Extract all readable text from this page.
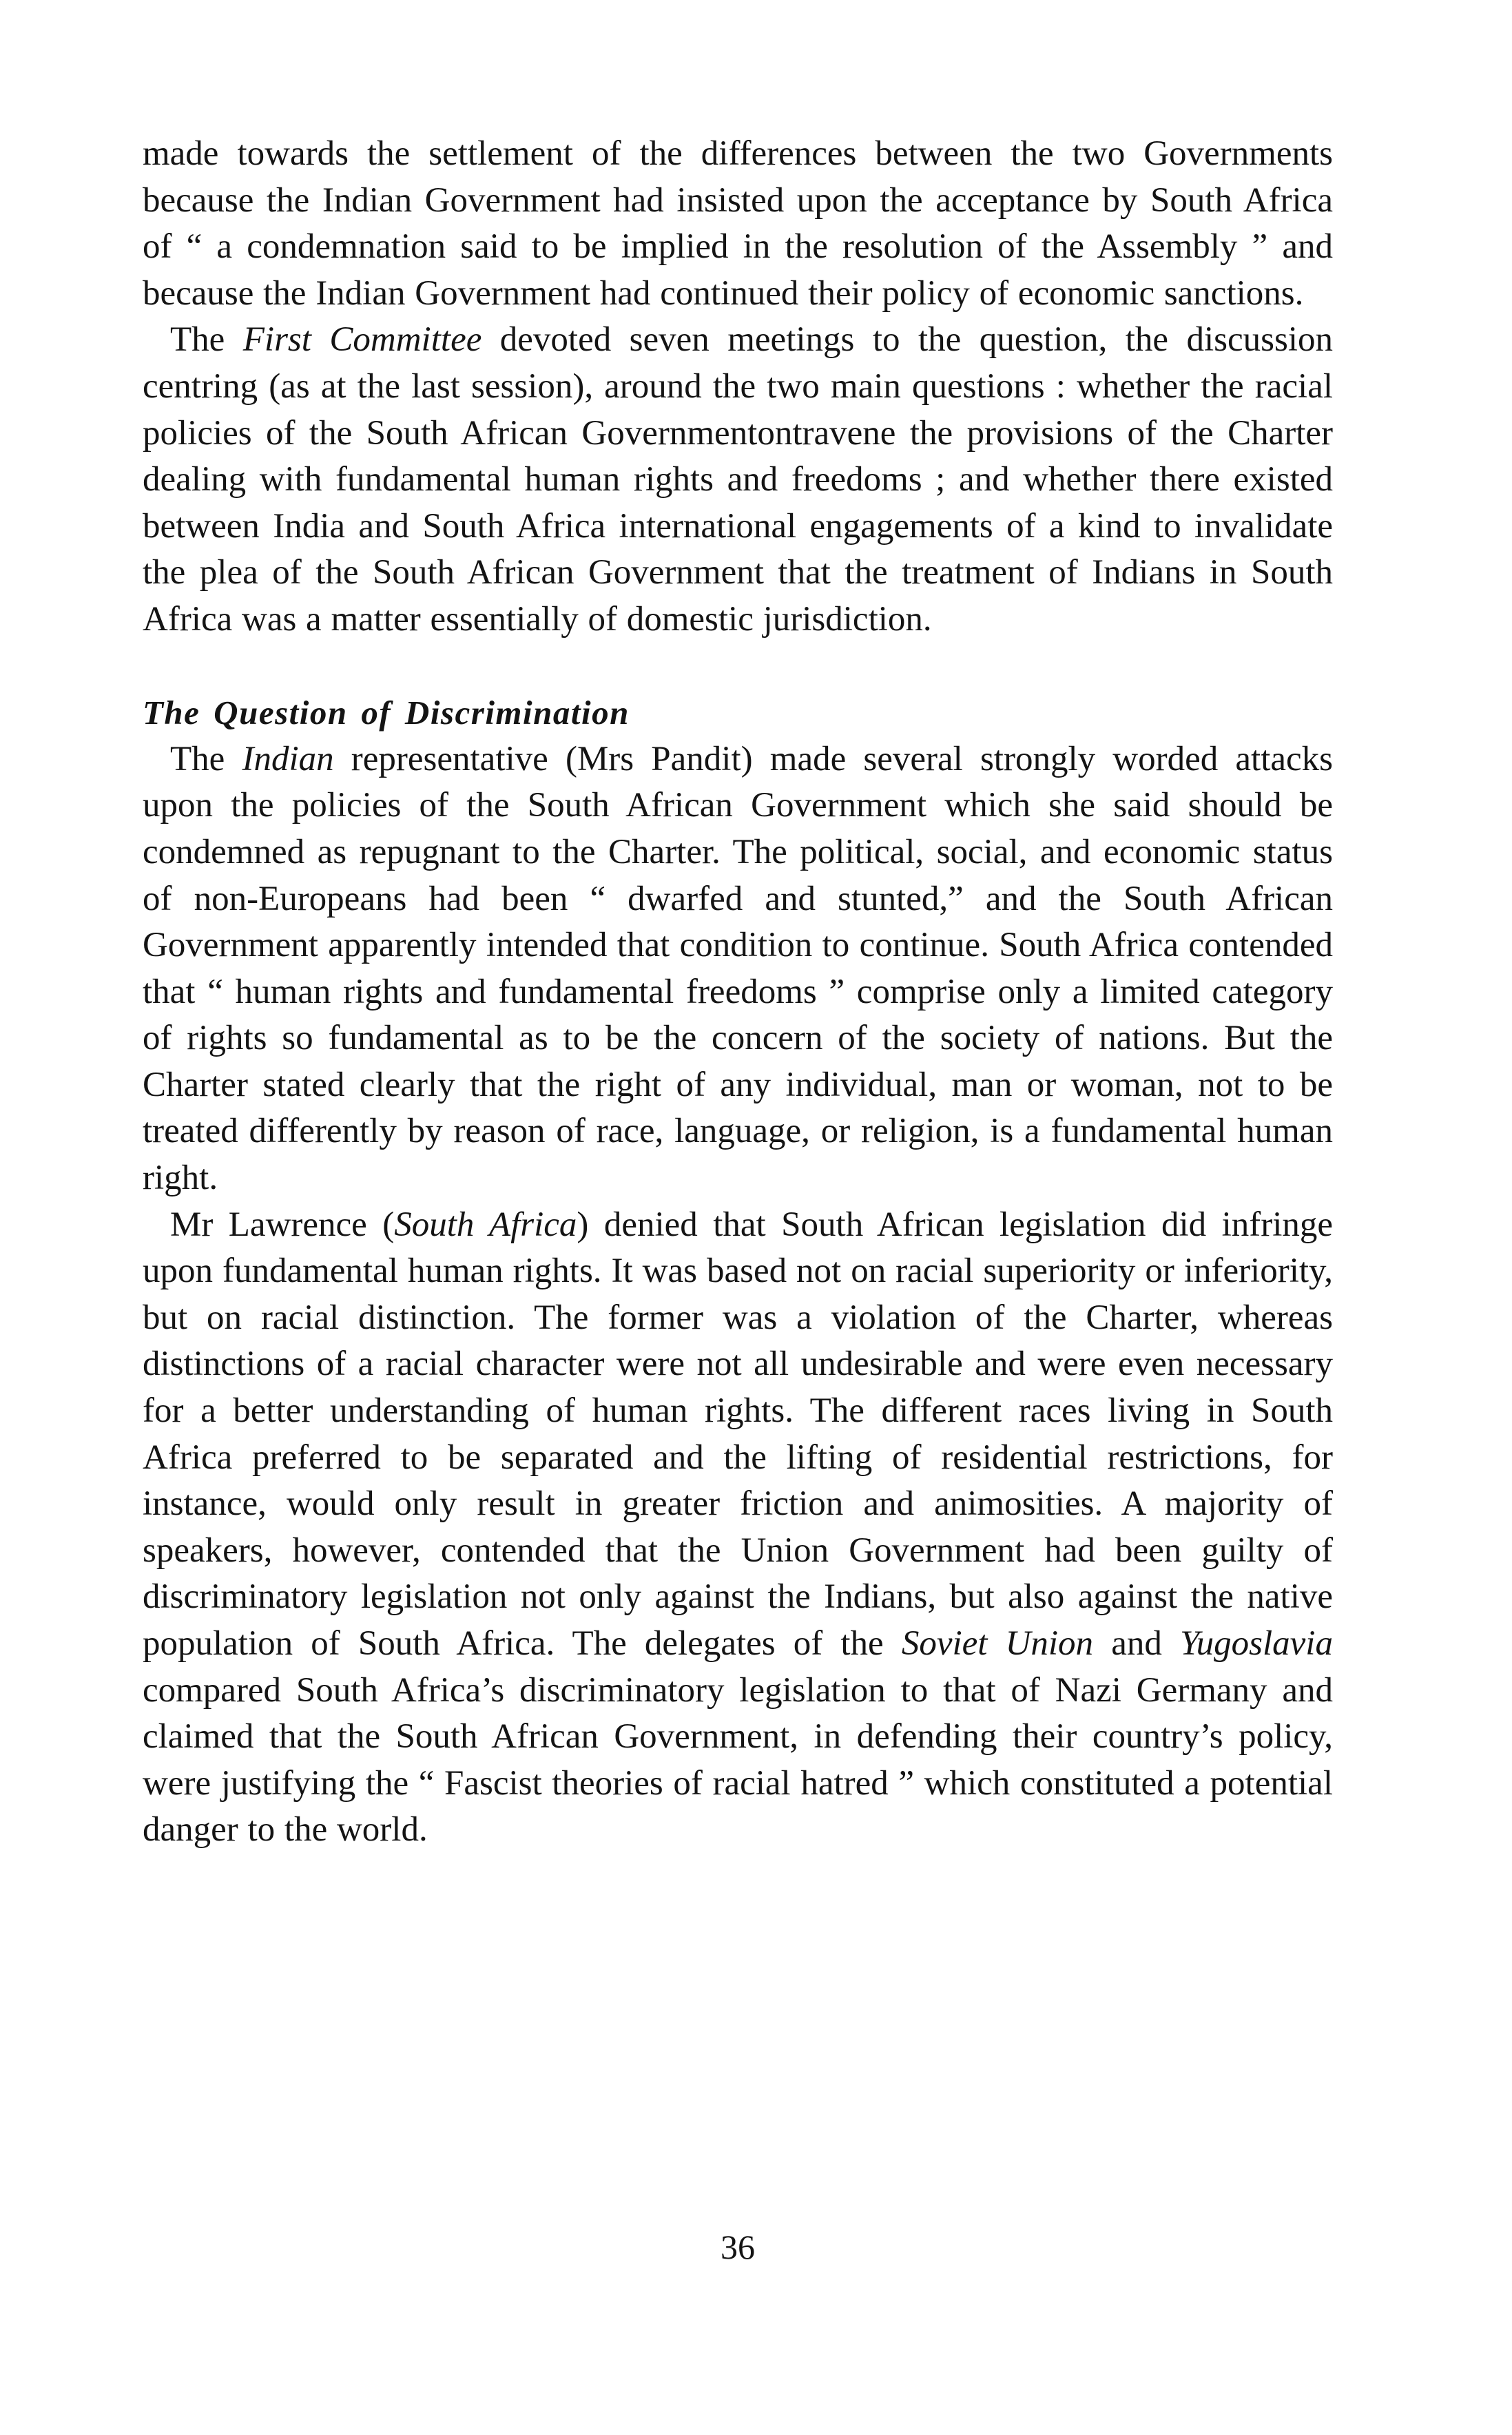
made towards the settlement of the differences between the two Governments because the Indian Government had insisted upon the acceptance by South Africa of “ a condemnation said to be implied in the resolution of the Assembly ” and because the Indian Government had continued their policy of economic sanctions.

The First Committee devoted seven meetings to the question, the discussion centring (as at the last session), around the two main questions : whether the racial policies of the South African Governmentontravene the provisions of the Charter dealing with fundamental human rights and freedoms ; and whether there existed between India and South Africa international engagements of a kind to invalidate the plea of the South African Government that the treatment of Indians in South Africa was a matter essentially of domestic jurisdiction.

The Question of Discrimination

The Indian representative (Mrs Pandit) made several strongly worded attacks upon the policies of the South African Government which she said should be condemned as repugnant to the Charter. The political, social, and economic status of non-Europeans had been “ dwarfed and stunted,” and the South African Government apparently intended that condition to continue. South Africa contended that “ human rights and fundamental freedoms ” comprise only a limited category of rights so fundamental as to be the concern of the society of nations. But the Charter stated clearly that the right of any individual, man or woman, not to be treated differently by reason of race, language, or religion, is a fundamental human right.

Mr Lawrence (South Africa) denied that South African legislation did infringe upon fundamental human rights. It was based not on racial superiority or inferiority, but on racial distinction. The former was a violation of the Charter, whereas distinctions of a racial character were not all undesirable and were even necessary for a better understanding of human rights. The different races living in South Africa preferred to be separated and the lifting of residential restrictions, for instance, would only result in greater friction and animosities. A majority of speakers, however, contended that the Union Government had been guilty of discriminatory legislation not only against the Indians, but also against the native population of South Africa. The delegates of the Soviet Union and Yugoslavia compared South Africa’s discriminatory legislation to that of Nazi Germany and claimed that the South African Government, in defending their country’s policy, were justifying the “ Fascist theories of racial hatred ” which constituted a potential danger to the world.

36
